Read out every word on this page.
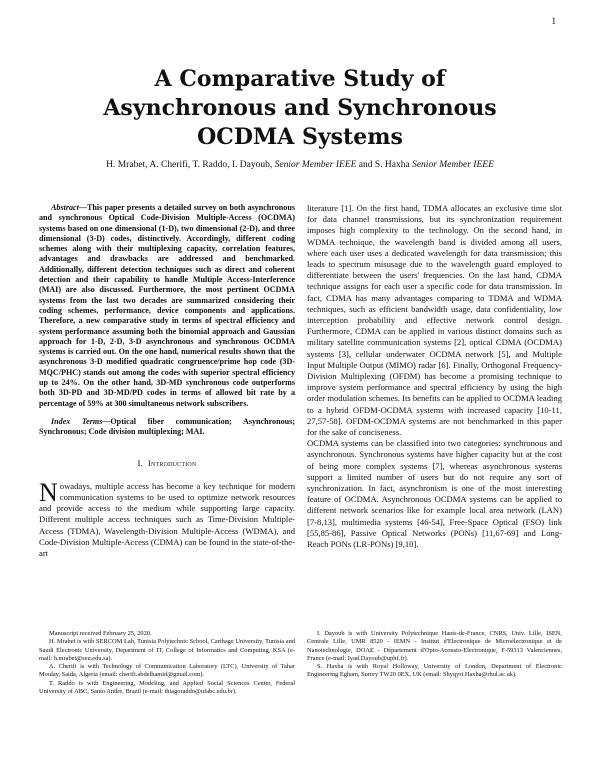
1
A Comparative Study of
Asynchronous and Synchronous
OCDMA Systems
H. Mrabet, A. Cherifi, T. Raddo, I. Dayoub, Senior Member IEEE and S. Haxha Senior Member IEEE

Abstract—This paper presents a detailed survey on both asynchronous and synchronous Optical Code-Division Multiple-Access (OCDMA) systems based on one dimensional (1-D), two dimensional (2-D), and three dimensional (3-D) codes, distinctively. Accordingly, different coding schemes along with their multiplexing capacity, correlation features, advantages and drawbacks are addressed and benchmarked. Additionally, different detection techniques such as direct and coherent detection and their capability to handle Multiple Access-Interference (MAI) are also discussed. Furthermore, the most pertinent OCDMA systems from the last two decades are summarized considering their coding schemes, performance, device components and applications. Therefore, a new comparative study in terms of spectral efficiency and system performance assuming both the binomial approach and Gaussian approach for 1-D, 2-D, 3-D asynchronous and synchronous OCDMA systems is carried out. On the one hand, numerical results shown that the asynchronous 3-D modified quadratic congruence/prime hop code (3D-MQC/PHC) stands out among the codes with superior spectral efficiency up to 24%. On the other hand, 3D-MD synchronous code outperforms both 3D-PD and 3D-MD/PD codes in terms of allowed bit rate by a percentage of 59% at 300 simultaneous network subscribers.

Index Terms—Optical fiber communication; Asynchronous; Synchronous; Code division multiplexing; MAI.

I. Introduction

Nowadays, multiple access has become a key technique for modern communication systems to be used to optimize network resources and provide access to the medium while supporting large capacity. Different multiple access techniques such as Time-Division Multiple-Access (TDMA), Wavelength-Division Multiple-Access (WDMA), and Code-Division Multiple-Access (CDMA) can be found in the state-of-the-art

literature [1]. On the first hand, TDMA allocates an exclusive time slot for data channel transmissions, but its synchronization requirement imposes high complexity to the technology. On the second hand, in WDMA technique, the wavelength band is divided among all users, where each user uses a dedicated wavelength for data transmission; this leads to spectrum misusage due to the wavelength guard employed to differentiate between the users' frequencies. On the last hand, CDMA technique assigns for each user a specific code for data transmission. In fact, CDMA has many advantages comparing to TDMA and WDMA techniques, such as efficient bandwidth usage, data confidentiality, low interception probability and effective network control design. Furthermore, CDMA can be applied in various distinct domains such as military satellite communication systems [2], optical CDMA (OCDMA) systems [3], cellular underwater OCDMA network [5], and Multiple Input Multiple Output (MIMO) radar [6]. Finally, Orthogonal Frequency-Division Multiplexing (OFDM) has become a promising technique to improve system performance and spectral efficiency by using the high order modulation schemes. Its benefits can be applied to OCDMA leading to a hybrid OFDM-OCDMA systems with increased capacity [10-11, 27,57-58]. OFDM-OCDMA systems are not benchmarked in this paper for the sake of conciseness.

OCDMA systems can be classified into two categories: synchronous and asynchronous. Synchronous systems have higher capacity but at the cost of being more complex systems [7], whereas asynchronous systems support a limited number of users but do not require any sort of synchronization. In fact, asynchronism is one of the most interesting feature of OCDMA. Asynchronous OCDMA systems can be applied to different network scenarios like for example local area network (LAN) [7-8,13], multimedia systems [46-54], Free-Space Optical (FSO) link [55,85-86], Passive Optical Networks (PONs) [11,67-69] and Long-Reach PONs (LR-PONs) [9,10].

Manuscript received February 25, 2020.

H. Mrabet is with SERCOM Lab, Tunisia Polytechnic School, Carthage University, Tunisia and Saudi Electronic University, Department of IT, College of Informatics and Computing, KSA (e-mail: h.mrabet@seu.edu.sa).

A. Cherifi is with Technology of Communication Laboratory (LTC), University of Tahar Moulay, Saida, Algeria (email: cherifi.abdelhamid@gmail.com).

T. Raddo is with Engineering, Modeling, and Applied Social Sciences Center, Federal University of ABC, Santo Andre, Brazil (e-mail: thiagoraddo@ufabc.edu.br).

I. Dayoub is with University Polytechnique Hauts-de-France, CNRS, Univ. Lille, ISEN, Centrale Lille, UMR 8520 - IEMN - Institut d'Electronique de Microélectronique et de Nanotechnologie, DOAE - Département d'Opto-Acousto-Electronique, F-59313 Valenciennes, France (e-mail: Iyad.Dayoub@uphf.fr).

S. Haxha is with Royal Holloway, University of London, Department of Electronic Engineering Egham, Surrey TW20 0EX, UK (email: Shyqyri.Haxha@rhul.ac.uk).
